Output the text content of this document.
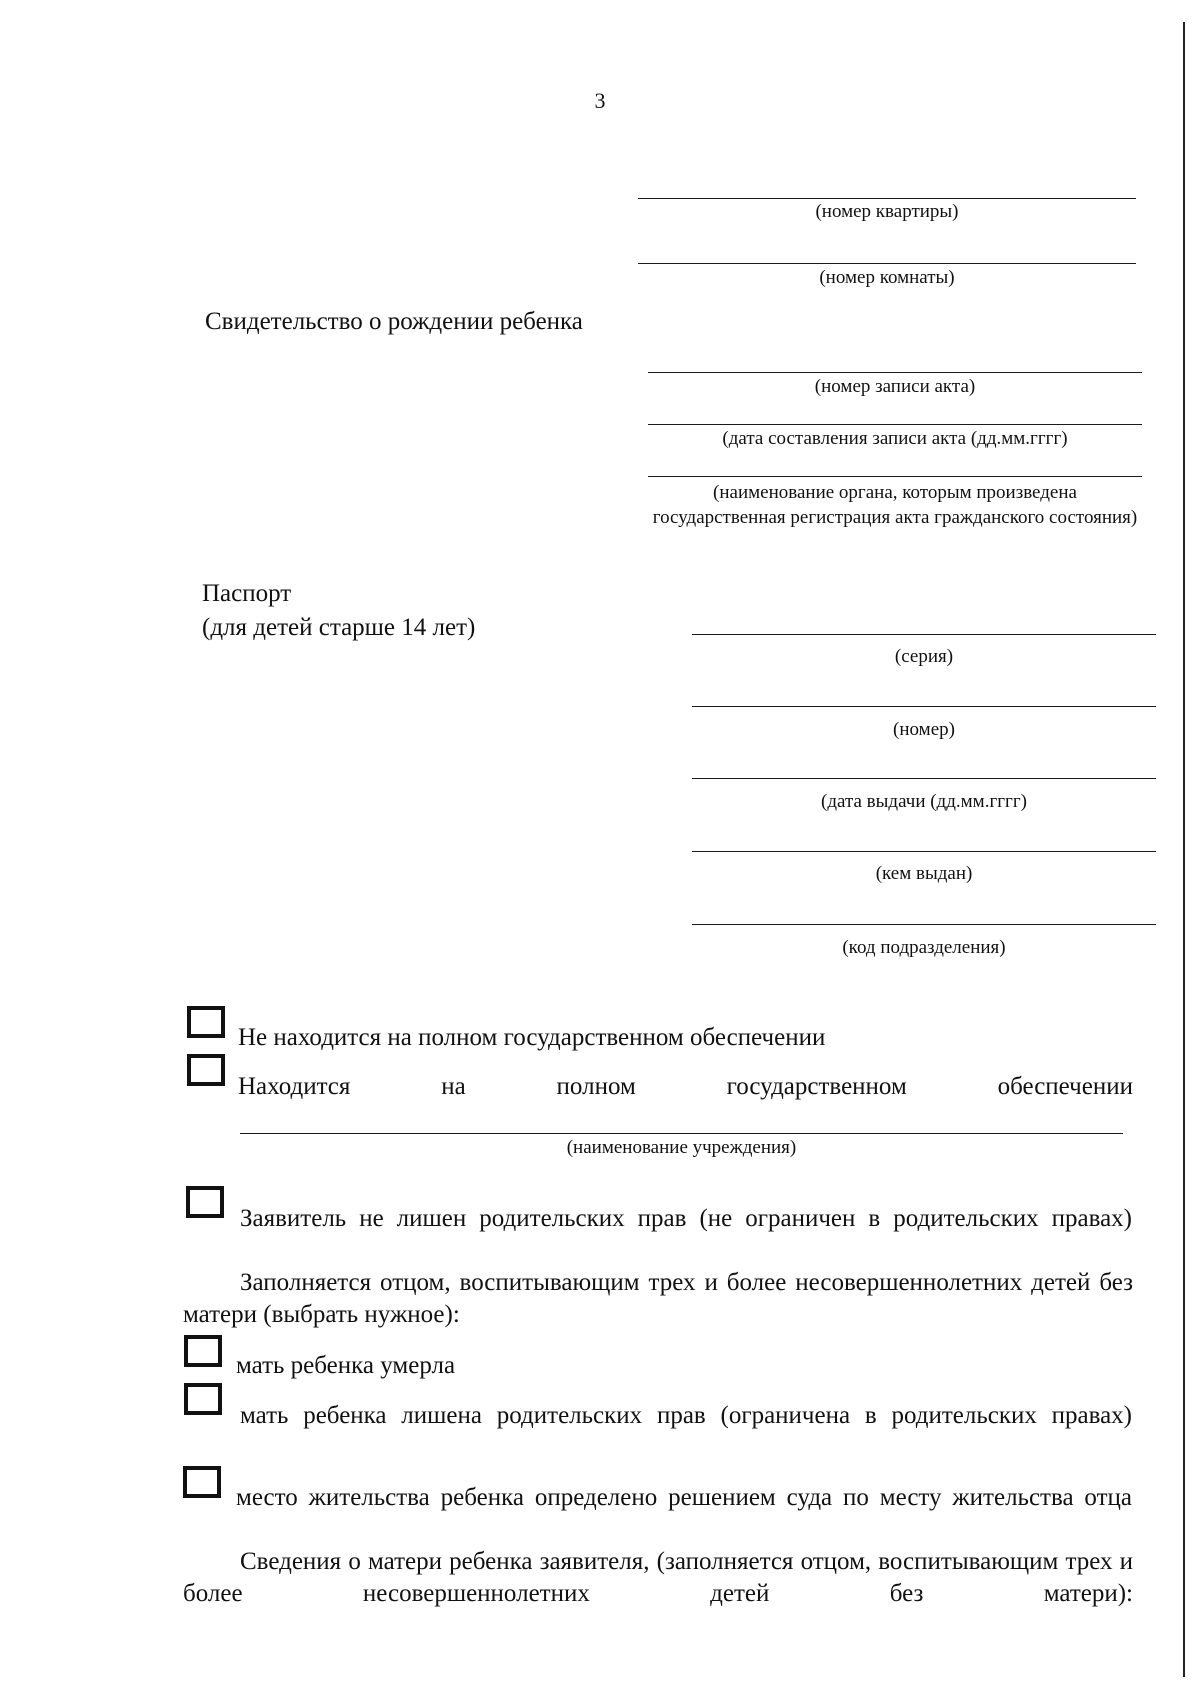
3
(номер квартиры)
(номер комнаты)
Свидетельство о рождении ребенка
(номер записи акта)
(дата составления записи акта (дд.мм.гггг)
(наименование органа, которым произведена государственная регистрация акта гражданского состояния)
Паспорт
(для детей старше 14 лет)
(серия)
(номер)
(дата выдачи (дд.мм.гггг)
(кем выдан)
(код подразделения)
Не находится на полном государственном обеспечении
Находится	на	полном	государственном	обеспечении
(наименование учреждения)
Заявитель не лишен родительских прав (не ограничен в родительских правах)
Заполняется отцом, воспитывающим трех и более несовершеннолетних детей без матери (выбрать нужное):
мать ребенка умерла
мать ребенка лишена родительских прав (ограничена в родительских правах)
место жительства ребенка определено решением суда по месту жительства отца
Сведения о матери ребенка заявителя, (заполняется отцом, воспитывающим трех и более несовершеннолетних детей без матери):
